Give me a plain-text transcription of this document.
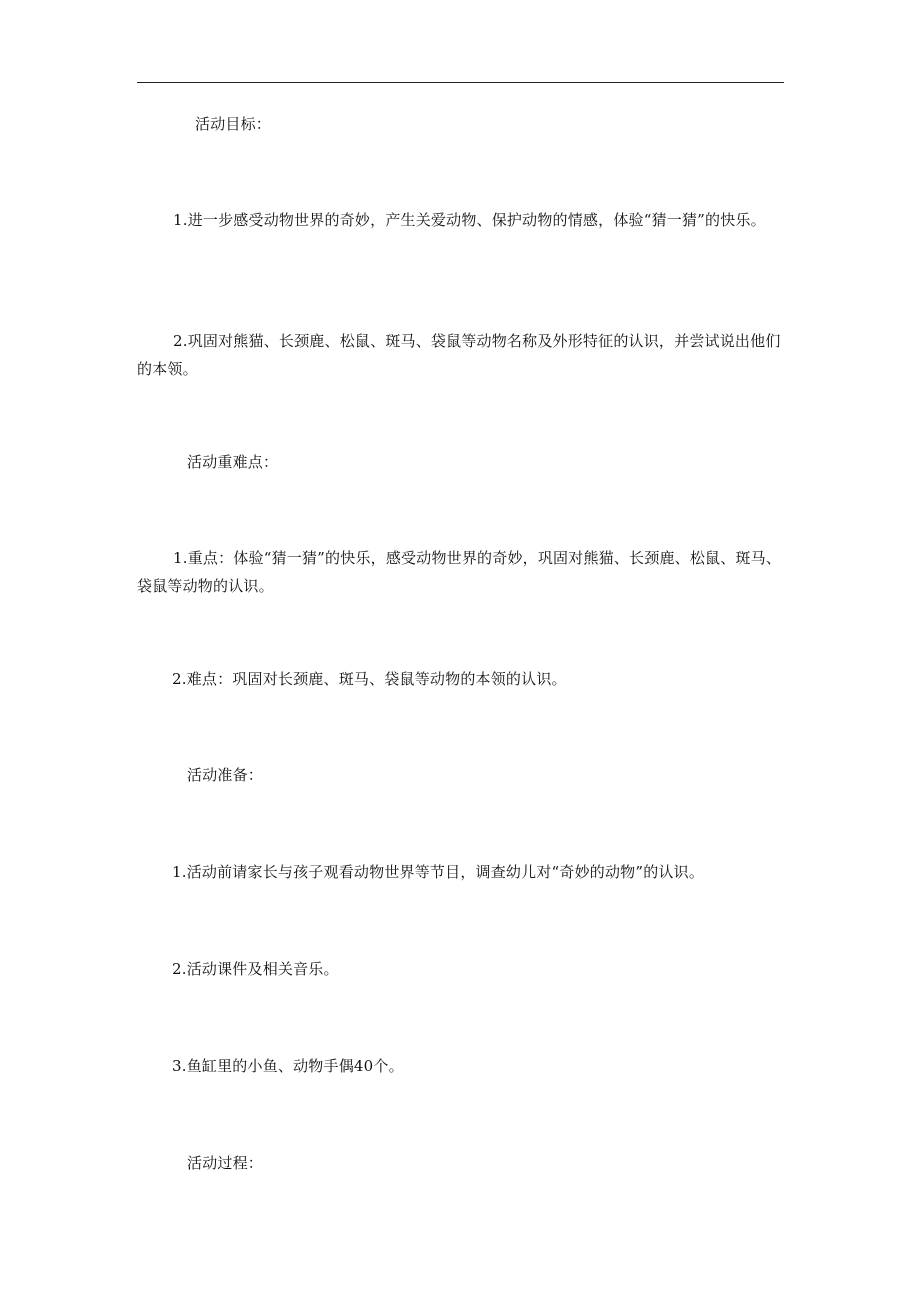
活动目标：
1.进一步感受动物世界的奇妙，产生关爱动物、保护动物的情感，体验“猜一猜”的快乐。
2.巩固对熊猫、长颈鹿、松鼠、斑马、袋鼠等动物名称及外形特征的认识，并尝试说出他们的本领。
活动重难点：
1.重点：体验“猜一猜”的快乐，感受动物世界的奇妙，巩固对熊猫、长颈鹿、松鼠、斑马、袋鼠等动物的认识。
2.难点：巩固对长颈鹿、斑马、袋鼠等动物的本领的认识。
活动准备：
1.活动前请家长与孩子观看动物世界等节目，调查幼儿对“奇妙的动物”的认识。
2.活动课件及相关音乐。
3.鱼缸里的小鱼、动物手偶40个。
活动过程：
